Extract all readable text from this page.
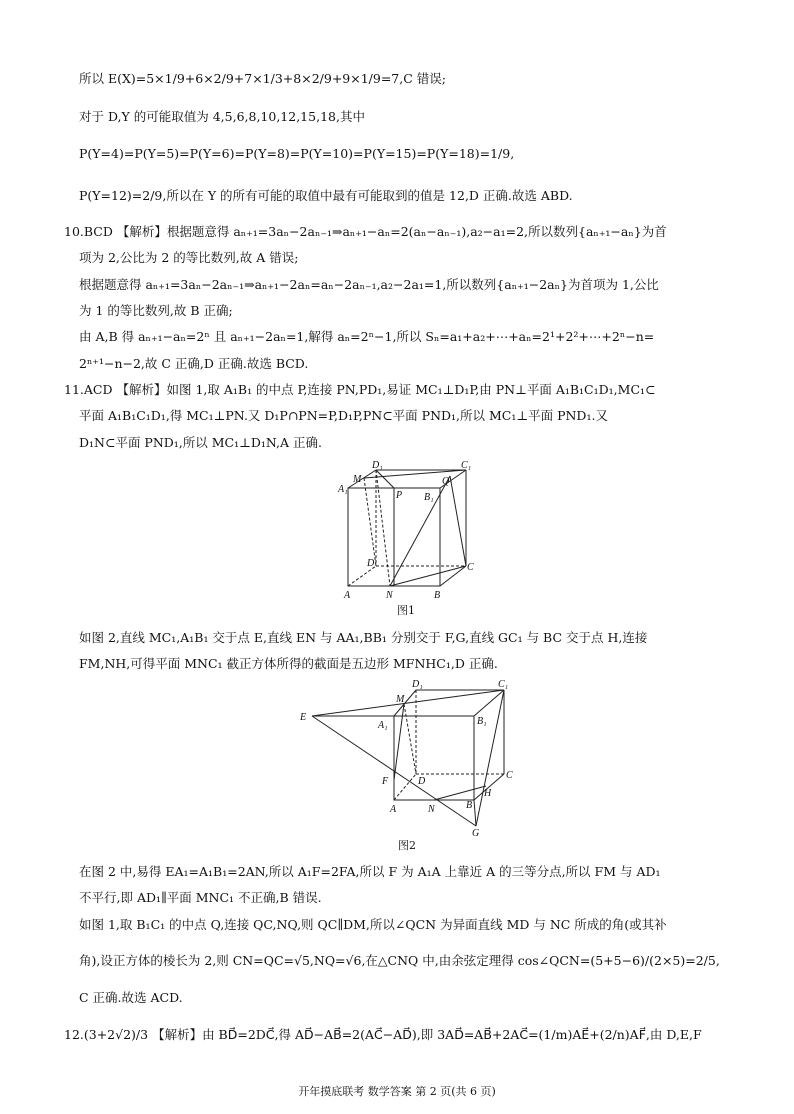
所以 E(X)=5×1/9+6×2/9+7×1/3+8×2/9+9×1/9=7,C 错误;
对于 D,Y 的可能取值为 4,5,6,8,10,12,15,18,其中
P(Y=4)=P(Y=5)=P(Y=6)=P(Y=8)=P(Y=10)=P(Y=15)=P(Y=18)=1/9,
P(Y=12)=2/9,所以在 Y 的所有可能的取值中最有可能取到的值是 12,D 正确.故选 ABD.
10.BCD 【解析】根据题意得 aₙ₊₁=3aₙ−2aₙ₋₁⇒aₙ₊₁−aₙ=2(aₙ−aₙ₋₁),a₂−a₁=2,所以数列{aₙ₊₁−aₙ}为首
项为 2,公比为 2 的等比数列,故 A 错误;
根据题意得 aₙ₊₁=3aₙ−2aₙ₋₁⇒aₙ₊₁−2aₙ=aₙ−2aₙ₋₁,a₂−2a₁=1,所以数列{aₙ₊₁−2aₙ}为首项为 1,公比
为 1 的等比数列,故 B 正确;
由 A,B 得 aₙ₊₁−aₙ=2ⁿ 且 aₙ₊₁−2aₙ=1,解得 aₙ=2ⁿ−1,所以 Sₙ=a₁+a₂+⋯+aₙ=2¹+2²+⋯+2ⁿ−n=
2ⁿ⁺¹−n−2,故 C 正确,D 正确.故选 BCD.
11.ACD 【解析】如图 1,取 A₁B₁ 的中点 P,连接 PN,PD₁,易证 MC₁⊥D₁P,由 PN⊥平面 A₁B₁C₁D₁,MC₁⊂
平面 A₁B₁C₁D₁,得 MC₁⊥PN.又 D₁P∩PN=P,D₁P,PN⊂平面 PND₁,所以 MC₁⊥平面 PND₁.又
D₁N⊂平面 PND₁,所以 MC₁⊥D₁N,A 正确.
D₁	C₁
M	Q
A₁
P B₁
D	C
A	N	B
图1
如图 2,直线 MC₁,A₁B₁ 交于点 E,直线 EN 与 AA₁,BB₁ 分别交于 F,G,直线 GC₁ 与 BC 交于点 H,连接
FM,NH,可得平面 MNC₁ 截正方体所得的截面是五边形 MFNHC₁,D 正确.
D₁	C₁
M
E
A₁	B₁
F	D
C
H
A	N	B
G
图2
在图 2 中,易得 EA₁=A₁B₁=2AN,所以 A₁F=2FA,所以 F 为 A₁A 上靠近 A 的三等分点,所以 FM 与 AD₁
不平行,即 AD₁∥平面 MNC₁ 不正确,B 错误.
如图 1,取 B₁C₁ 的中点 Q,连接 QC,NQ,则 QC∥DM,所以∠QCN 为异面直线 MD 与 NC 所成的角(或其补
角),设正方体的棱长为 2,则 CN=QC=√5,NQ=√6,在△CNQ 中,由余弦定理得 cos∠QCN=(5+5−6)/(2×5)=2/5,
C 正确.故选 ACD.
12.(3+2√2)/3 【解析】由 BD⃗=2DC⃗,得 AD⃗−AB⃗=2(AC⃗−AD⃗),即 3AD⃗=AB⃗+2AC⃗=(1/m)AE⃗+(2/n)AF⃗,由 D,E,F
开年摸底联考 数学答案 第 2 页(共 6 页)
